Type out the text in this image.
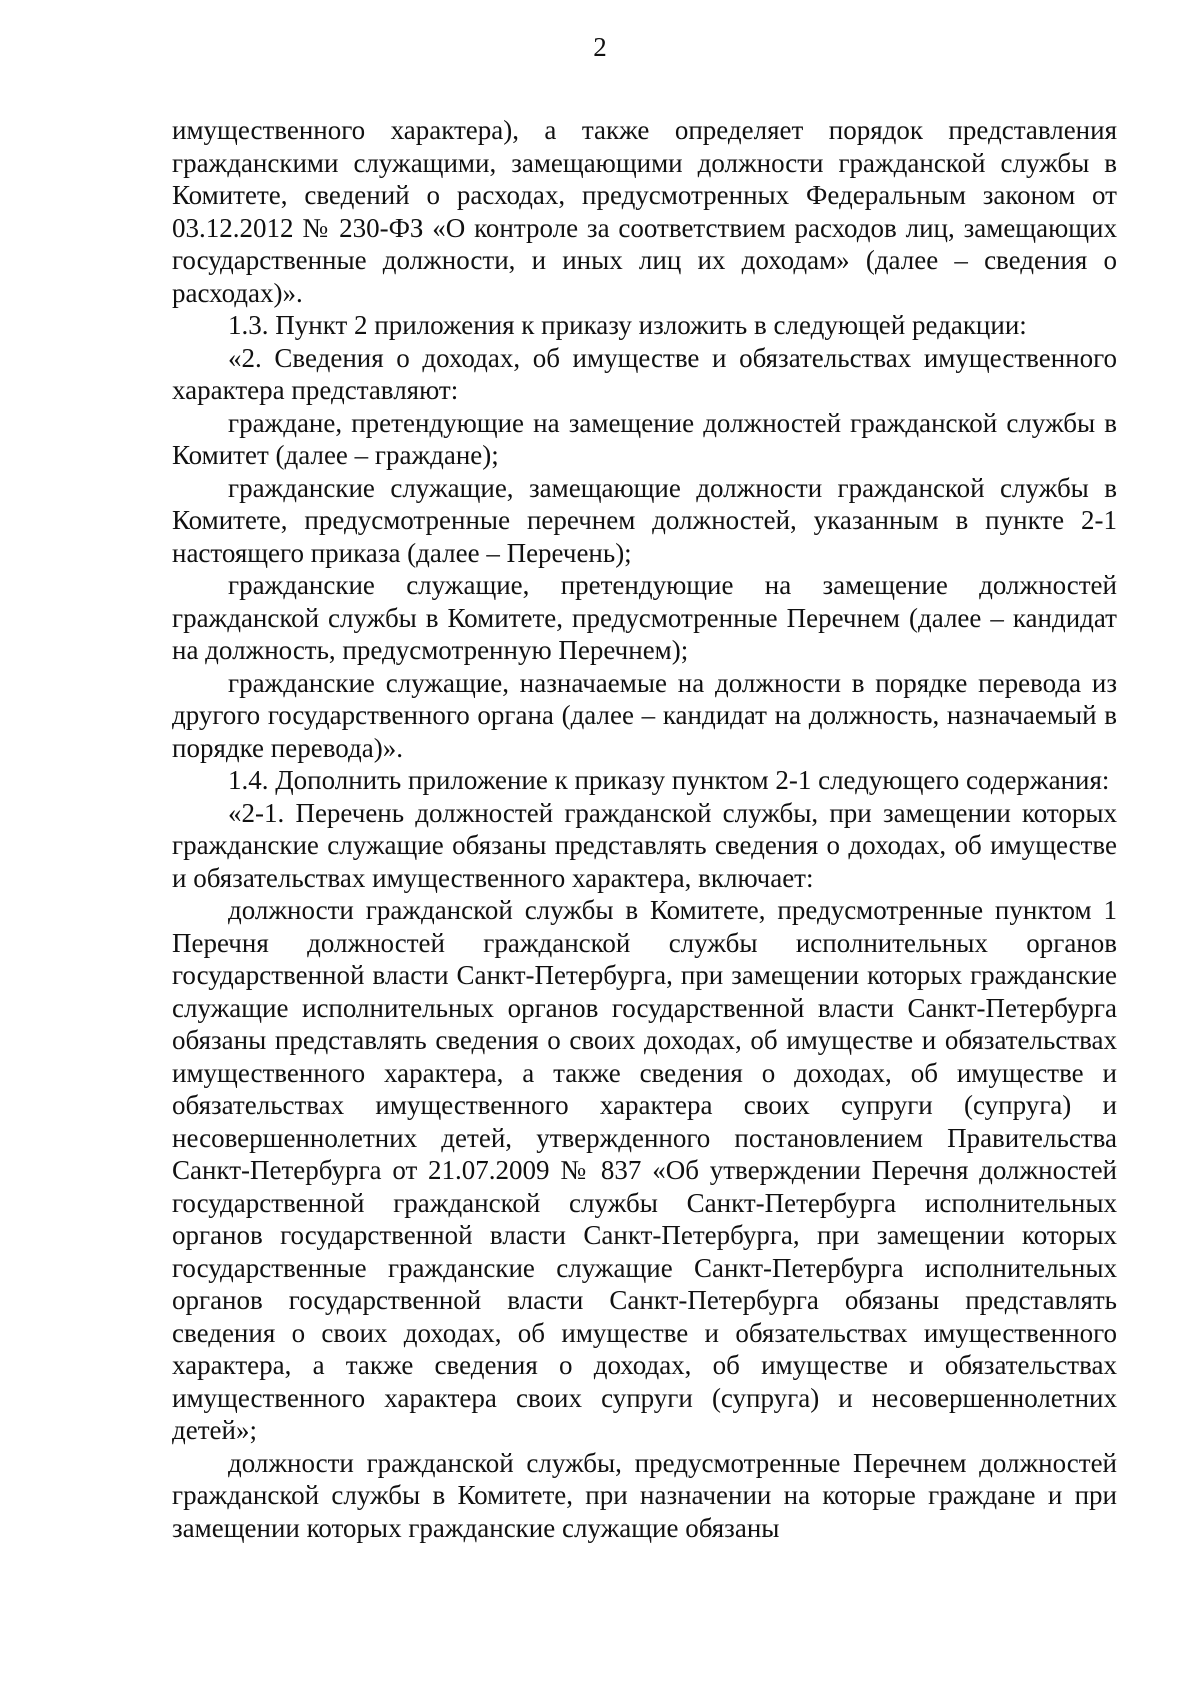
2

имущественного характера), а также определяет порядок представления гражданскими служащими, замещающими должности гражданской службы в Комитете, сведений о расходах, предусмотренных Федеральным законом от 03.12.2012 № 230-ФЗ «О контроле за соответствием расходов лиц, замещающих государственные должности, и иных лиц их доходам» (далее – сведения о расходах)».

1.3. Пункт 2 приложения к приказу изложить в следующей редакции:

«2. Сведения о доходах, об имуществе и обязательствах имущественного характера представляют:

граждане, претендующие на замещение должностей гражданской службы в Комитет (далее – граждане);

гражданские служащие, замещающие должности гражданской службы в Комитете, предусмотренные перечнем должностей, указанным в пункте 2-1 настоящего приказа (далее – Перечень);

гражданские служащие, претендующие на замещение должностей гражданской службы в Комитете, предусмотренные Перечнем (далее – кандидат на должность, предусмотренную Перечнем);

гражданские служащие, назначаемые на должности в порядке перевода из другого государственного органа (далее – кандидат на должность, назначаемый в порядке перевода)».

1.4. Дополнить приложение к приказу пунктом 2-1 следующего содержания:

«2-1. Перечень должностей гражданской службы, при замещении которых гражданские служащие обязаны представлять сведения о доходах, об имуществе и обязательствах имущественного характера, включает:

должности гражданской службы в Комитете, предусмотренные пунктом 1 Перечня должностей гражданской службы исполнительных органов государственной власти Санкт-Петербурга, при замещении которых гражданские служащие исполнительных органов государственной власти Санкт-Петербурга обязаны представлять сведения о своих доходах, об имуществе и обязательствах имущественного характера, а также сведения о доходах, об имуществе и обязательствах имущественного характера своих супруги (супруга) и несовершеннолетних детей, утвержденного постановлением Правительства Санкт-Петербурга от 21.07.2009 № 837 «Об утверждении Перечня должностей государственной гражданской службы Санкт-Петербурга исполнительных органов государственной власти Санкт-Петербурга, при замещении которых государственные гражданские служащие Санкт-Петербурга исполнительных органов государственной власти Санкт-Петербурга обязаны представлять сведения о своих доходах, об имуществе и обязательствах имущественного характера, а также сведения о доходах, об имуществе и обязательствах имущественного характера своих супруги (супруга) и несовершеннолетних детей»;

должности гражданской службы, предусмотренные Перечнем должностей гражданской службы в Комитете, при назначении на которые граждане и при замещении которых гражданские служащие обязаны
